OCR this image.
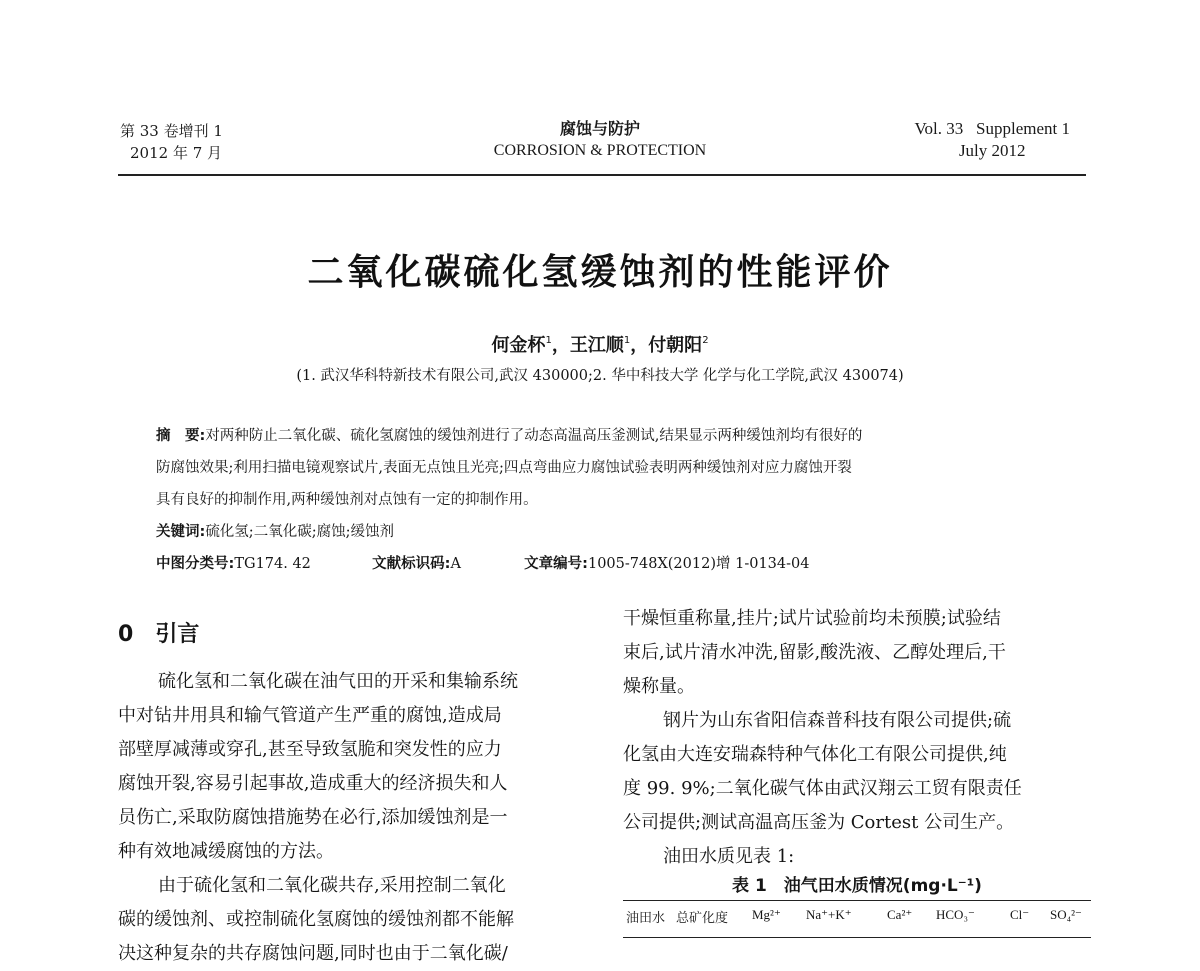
第 33 卷增刊 1
2012 年 7 月
腐蚀与防护
CORROSION & PROTECTION
Vol. 33   Supplement 1
July 2012
二氧化碳硫化氢缓蚀剂的性能评价
何金杯$^1$，王江顺$^1$，付朝阳$^2$
(1. 武汉华科特新技术有限公司,武汉 430000;2. 华中科技大学 化学与化工学院,武汉 430074)
摘　要:对两种防止二氧化碳、硫化氢腐蚀的缓蚀剂进行了动态高温高压釜测试,结果显示两种缓蚀剂均有很好的
防腐蚀效果;利用扫描电镜观察试片,表面无点蚀且光亮;四点弯曲应力腐蚀试验表明两种缓蚀剂对应力腐蚀开裂
具有良好的抑制作用,两种缓蚀剂对点蚀有一定的抑制作用。
关键词:硫化氢;二氧化碳;腐蚀;缓蚀剂
中图分类号:TG174. 42	文献标识码:A	文章编号:1005-748X(2012)增 1-0134-04
0 引言
硫化氢和二氧化碳在油气田的开采和集输系统
中对钻井用具和输气管道产生严重的腐蚀,造成局
部壁厚减薄或穿孔,甚至导致氢脆和突发性的应力
腐蚀开裂,容易引起事故,造成重大的经济损失和人
员伤亡,采取防腐蚀措施势在必行,添加缓蚀剂是一
种有效地减缓腐蚀的方法。
由于硫化氢和二氧化碳共存,采用控制二氧化
碳的缓蚀剂、或控制硫化氢腐蚀的缓蚀剂都不能解
决这种复杂的共存腐蚀问题,同时也由于二氧化碳/
干燥恒重称量,挂片;试片试验前均未预膜;试验结
束后,试片清水冲洗,留影,酸洗液、乙醇处理后,干
燥称量。
钢片为山东省阳信森普科技有限公司提供;硫
化氢由大连安瑞森特种气体化工有限公司提供,纯
度 99. 9%;二氧化碳气体由武汉翔云工贸有限责任
公司提供;测试高温高压釜为 Cortest 公司生产。
油田水质见表 1:
表 1　油气田水质情况(mg·L⁻¹)
油田水 总矿化度 Mg²⁺ Na⁺+K⁺	Ca²⁺ HCO₃⁻	Cl⁻ SO₄²⁻
